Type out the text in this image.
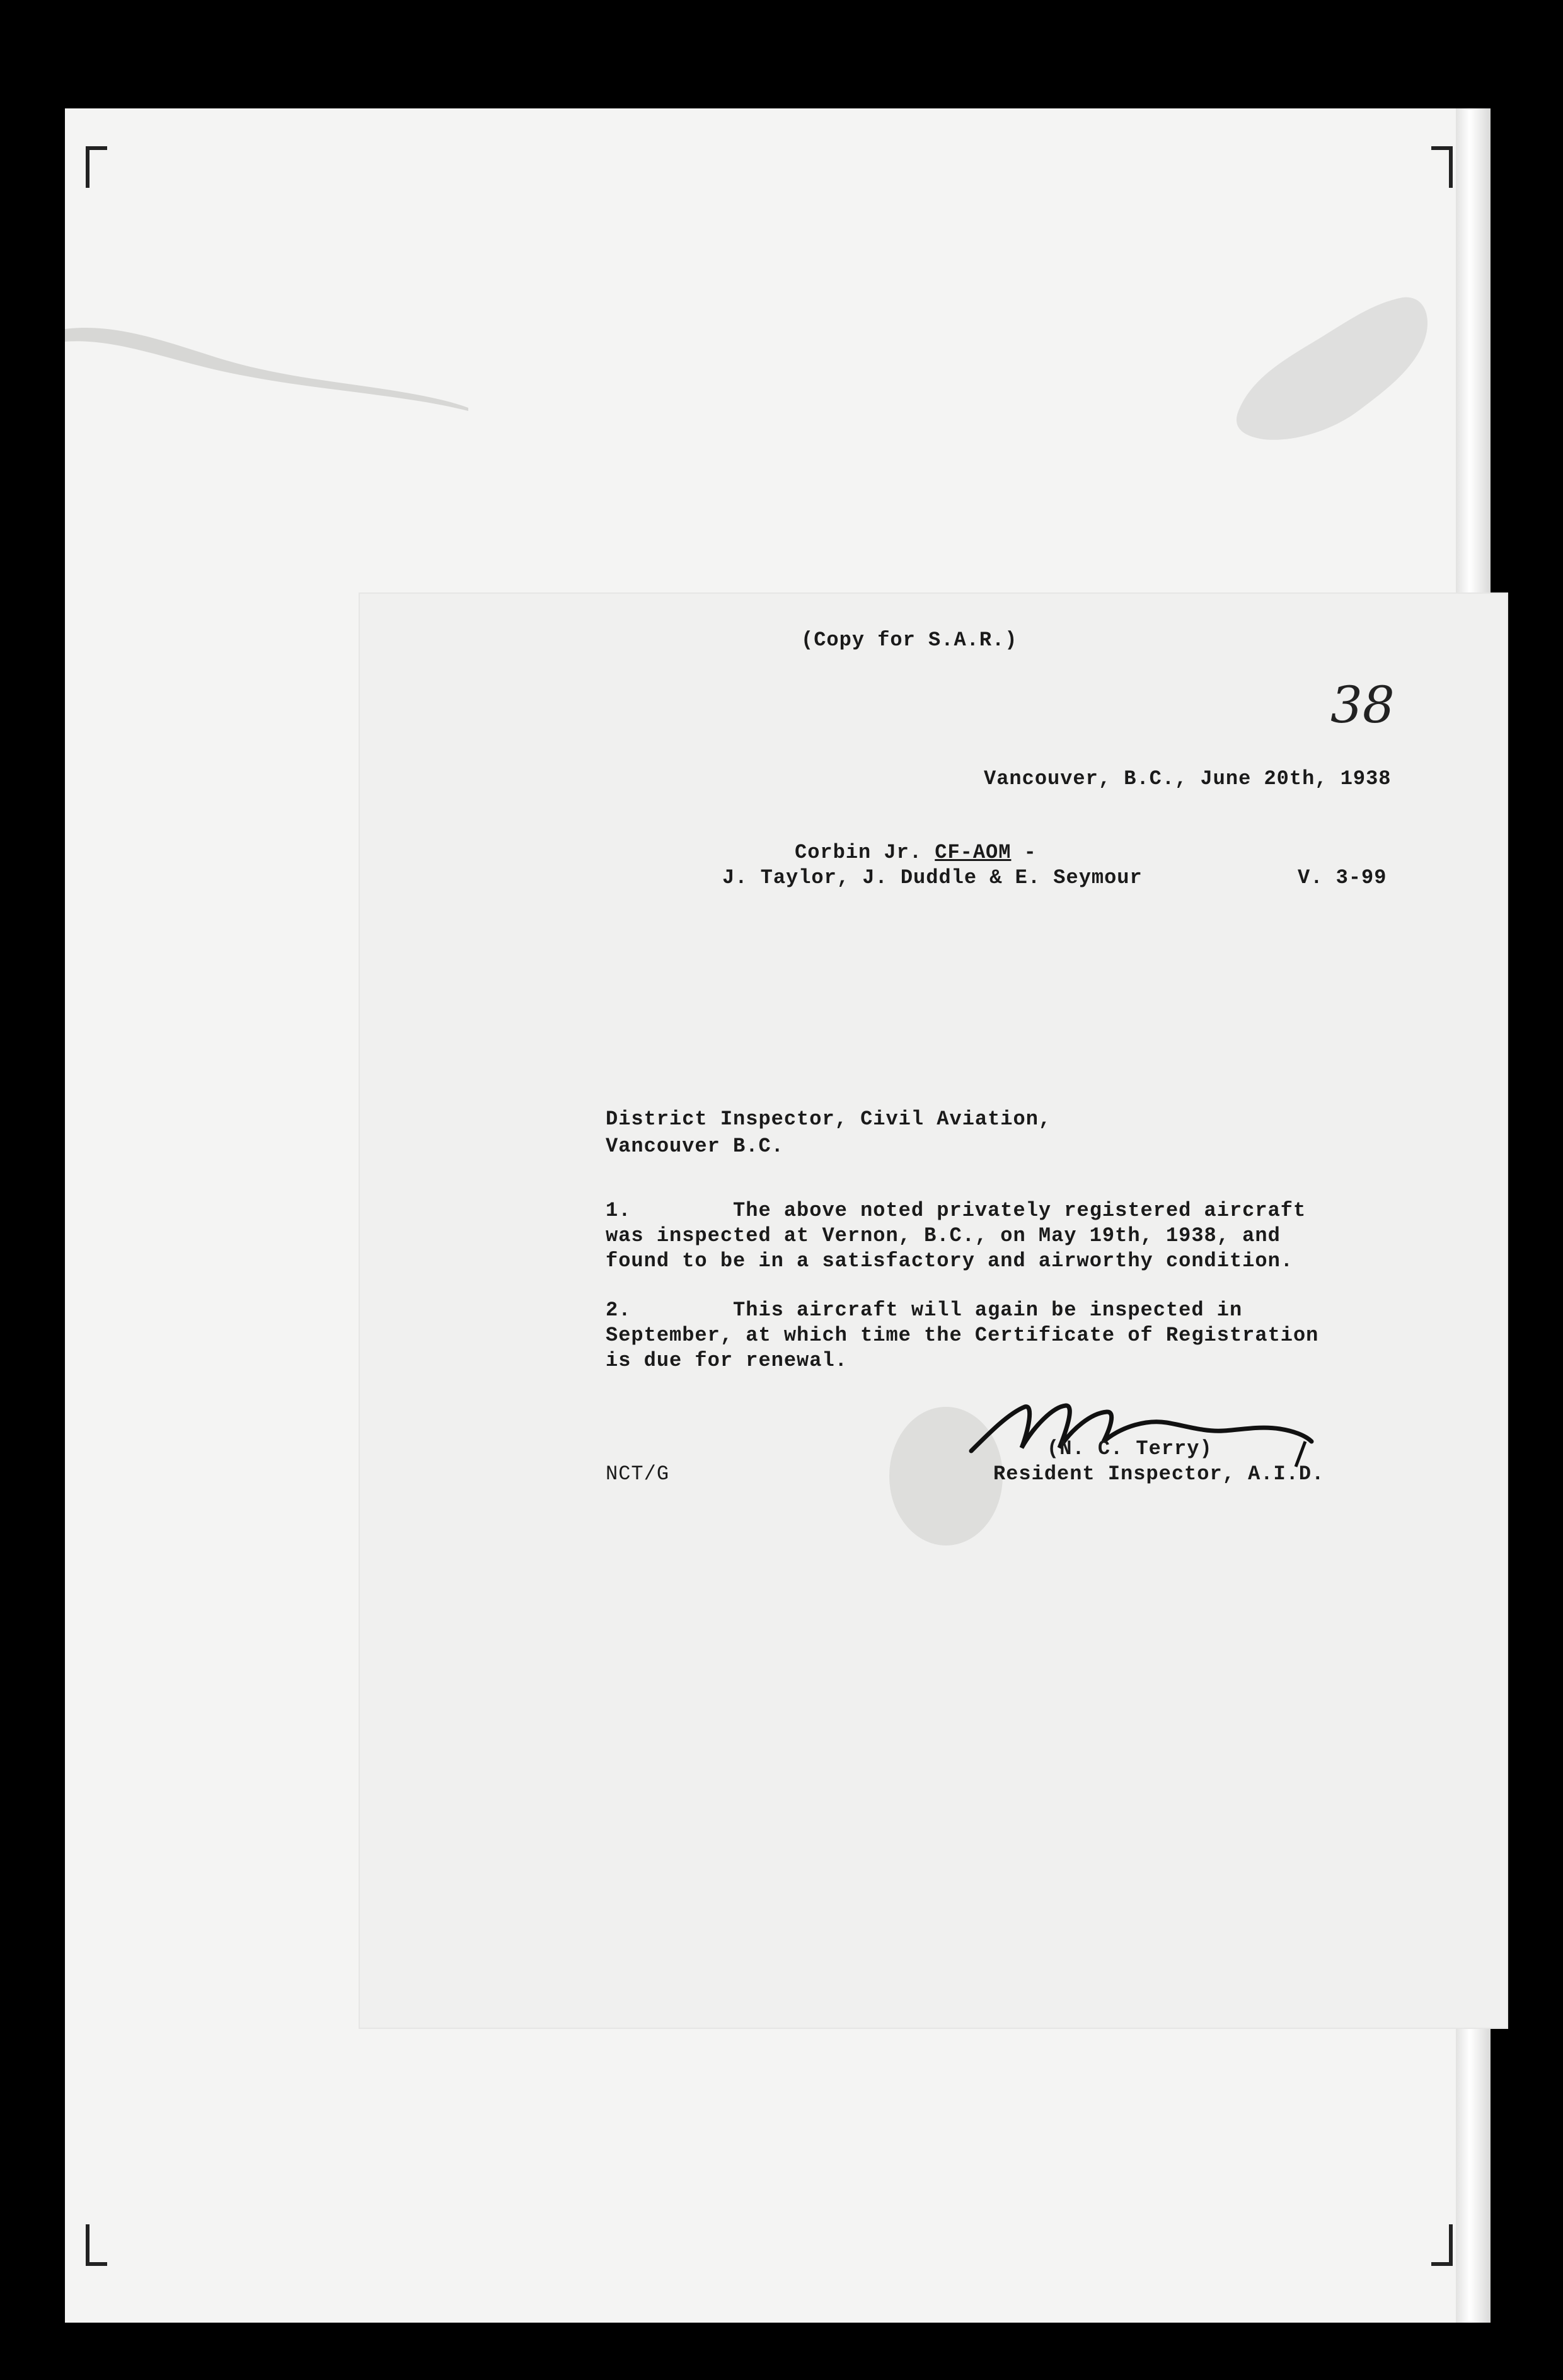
(Copy for S.A.R.)
38
Vancouver, B.C., June 20th, 1938
Corbin Jr. CF-AOM -
J. Taylor, J. Duddle & E. Seymour	V. 3-99
District Inspector, Civil Aviation,
Vancouver B.C.
1.        The above noted privately registered aircraft
was inspected at Vernon, B.C., on May 19th, 1938, and
found to be in a satisfactory and airworthy condition.
2.        This aircraft will again be inspected in
September, at which time the Certificate of Registration
is due for renewal.
(N. C. Terry)
Resident Inspector, A.I.D.
NCT/G
